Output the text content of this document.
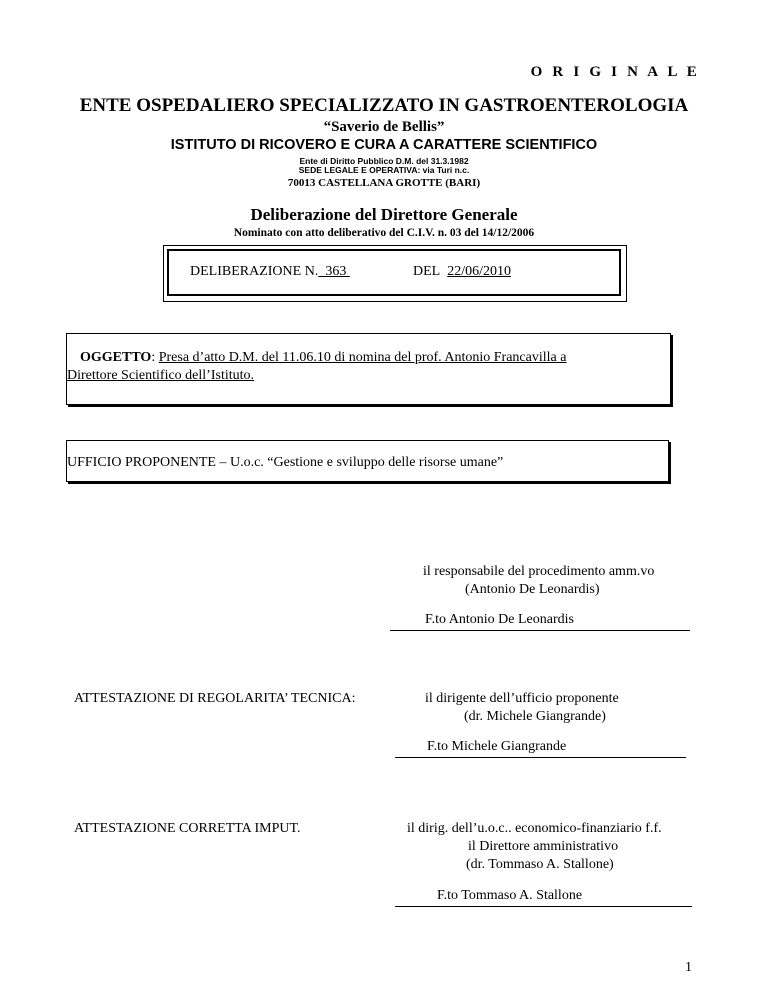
O R I G I N A L E
ENTE OSPEDALIERO SPECIALIZZATO IN GASTROENTEROLOGIA
“Saverio de Bellis”
ISTITUTO DI RICOVERO E CURA A CARATTERE SCIENTIFICO
Ente di Diritto Pubblico D.M. del 31.3.1982
SEDE LEGALE E OPERATIVA: via Turi n.c.
70013 CASTELLANA GROTTE (BARI)
Deliberazione del Direttore Generale
Nominato con atto deliberativo del C.I.V. n. 03 del 14/12/2006
DELIBERAZIONE N.  363	DEL 22/06/2010
OGGETTO: Presa d’atto D.M. del 11.06.10 di nomina del prof. Antonio Francavilla a
Direttore Scientifico dell’Istituto.
UFFICIO PROPONENTE – U.o.c. “Gestione e sviluppo delle risorse umane”
il responsabile del procedimento amm.vo
(Antonio De Leonardis)
F.to Antonio De Leonardis
ATTESTAZIONE DI REGOLARITA’ TECNICA:	il dirigente dell’ufficio proponente
(dr. Michele Giangrande)
F.to Michele Giangrande
ATTESTAZIONE CORRETTA IMPUT.	il dirig. dell’u.o.c.. economico-finanziario f.f.
il Direttore amministrativo
(dr. Tommaso A. Stallone)
F.to Tommaso A. Stallone
1
